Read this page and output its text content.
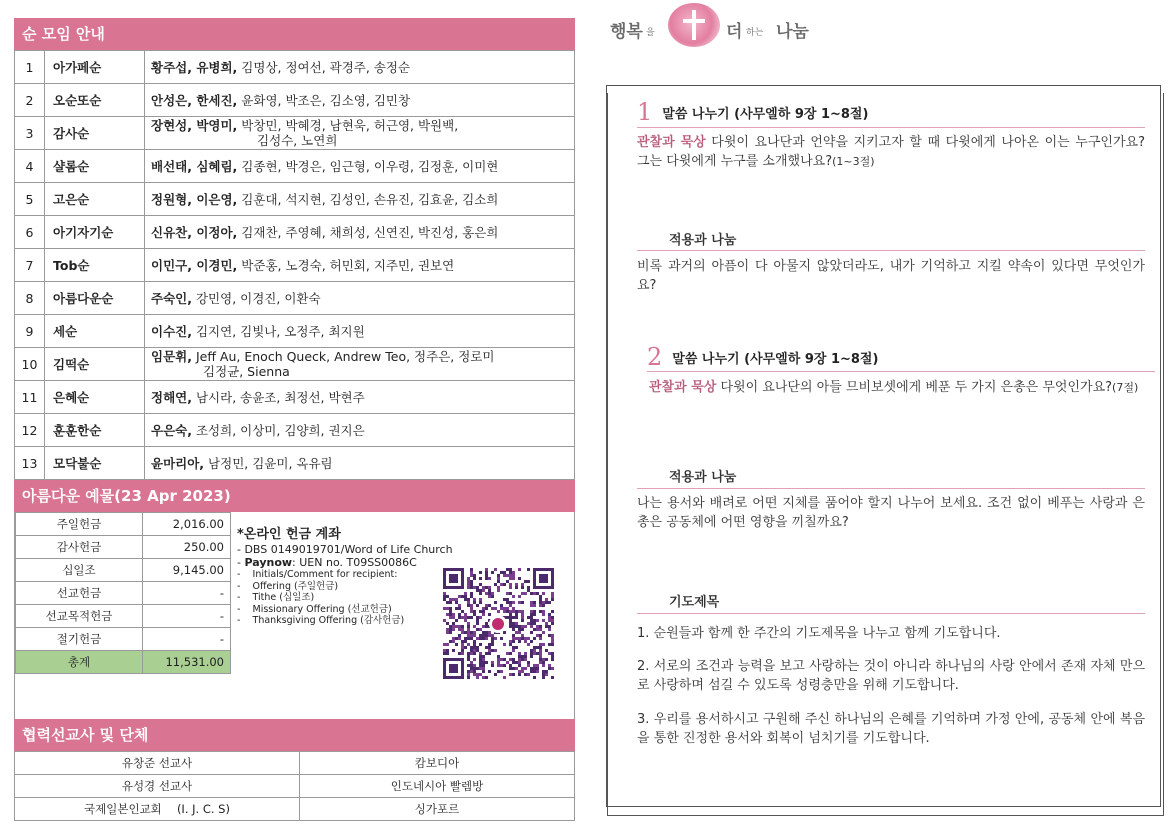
순 모임 안내
1	아가페순	황주섭, 유병희, 김명상, 정여선, 곽경주, 송정순
2	오순또순	안성은, 한세진, 윤화영, 박조은, 김소영, 김민창
3	감사순	장현성, 박영미, 박창민, 박혜경, 남현욱, 허근영, 박원백,
김성수, 노연희

4	샬롬순	배선태, 심혜림, 김종현, 박경은, 임근형, 이우령, 김정훈, 이미현
5	고은순	정원형, 이은영, 김훈대, 석지현, 김성인, 손유진, 김효윤, 김소희
6	아기자기순	신유찬, 이정아, 김재찬, 주영혜, 채희성, 신연진, 박진성, 홍은희
7	Tob순	이민구, 이경민, 박준홍, 노경숙, 허민회, 지주민, 권보연
8	아름다운순	주숙인, 강민영, 이경진, 이환숙
9	세순	이수진, 김지연, 김빛나, 오정주, 최지원
10	김떡순	임문휘, Jeff Au, Enoch Queck, Andrew Teo, 정주은, 정로미
김정균, Sienna

11	은혜순	정해연, 남시라, 송윤조, 최정선, 박현주
12	훈훈한순	우은숙, 조성희, 이상미, 김양희, 권지은
13	모닥불순	윤마리아, 남정민, 김윤미, 옥유림
아름다운 예물(23 Apr 2023)
주일헌금	2,016.00
감사헌금	250.00
십일조	9,145.00
선교헌금	-
선교목적헌금	-
절기헌금	-
총계	11,531.00
*온라인 헌금 계좌
- DBS 0149019701/Word of Life Church
- Paynow: UEN no. T09SS0086C
-    Initials/Comment for recipient:
-    Offering (주일헌금)
-    Tithe (십일조)
-    Missionary Offering (선교헌금)
-    Thanksgiving Offering (감사헌금)
협력선교사 및 단체
유창준 선교사	캄보디아
유성경 선교사	인도네시아 빨렘방
국제일본인교회　 (I. J. C. S)	싱가포르
행복 을	더 하는 나눔
1 말씀 나누기 (사무엘하 9장 1~8절)
관찰과 묵상 다윗이 요나단과 언약을 지키고자 할 때 다윗에게 나아온 이는 누구인가요? 그는 다윗에게 누구를 소개했나요?(1~3절)
적용과 나눔
비록 과거의 아픔이 다 아물지 않았더라도, 내가 기억하고 지킬 약속이 있다면 무엇인가요?
2 말씀 나누기 (사무엘하 9장 1~8절)
관찰과 묵상 다윗이 요나단의 아들 므비보셋에게 베푼 두 가지 은총은 무엇인가요?(7절)
적용과 나눔
나는 용서와 배려로 어떤 지체를 품어야 할지 나누어 보세요. 조건 없이 베푸는 사랑과 은총은 공동체에 어떤 영향을 끼칠까요?
기도제목
1. 순원들과 함께 한 주간의 기도제목을 나누고 함께 기도합니다.
2. 서로의 조건과 능력을 보고 사랑하는 것이 아니라 하나님의 사랑 안에서 존재 자체 만으로 사랑하며 섬길 수 있도록 성령충만을 위해 기도합니다.
3. 우리를 용서하시고 구원해 주신 하나님의 은혜를 기억하며 가정 안에, 공동체 안에 복음을 통한 진정한 용서와 회복이 넘치기를 기도합니다.
